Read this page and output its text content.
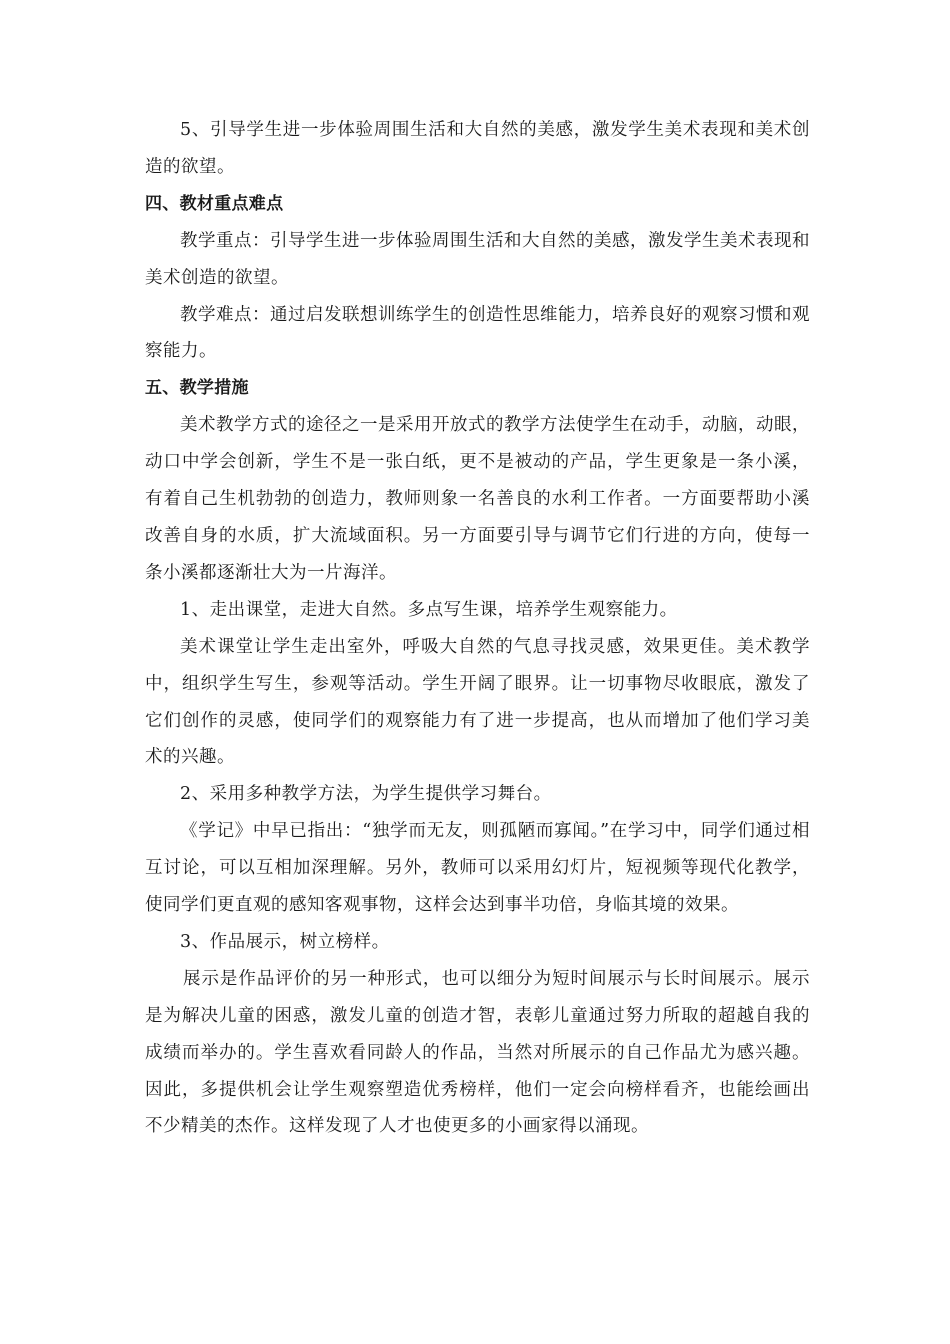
5、引导学生进一步体验周围生活和大自然的美感，激发学生美术表现和美术创造的欲望。

四、教材重点难点

教学重点：引导学生进一步体验周围生活和大自然的美感，激发学生美术表现和美术创造的欲望。

教学难点：通过启发联想训练学生的创造性思维能力，培养良好的观察习惯和观察能力。

五、教学措施

美术教学方式的途径之一是采用开放式的教学方法使学生在动手，动脑，动眼，动口中学会创新，学生不是一张白纸，更不是被动的产品，学生更象是一条小溪，有着自己生机勃勃的创造力，教师则象一名善良的水利工作者。一方面要帮助小溪改善自身的水质，扩大流域面积。另一方面要引导与调节它们行进的方向，使每一条小溪都逐渐壮大为一片海洋。

1、走出课堂，走进大自然。多点写生课，培养学生观察能力。

美术课堂让学生走出室外，呼吸大自然的气息寻找灵感，效果更佳。美术教学中，组织学生写生，参观等活动。学生开阔了眼界。让一切事物尽收眼底，激发了它们创作的灵感，使同学们的观察能力有了进一步提高，也从而增加了他们学习美术的兴趣。

2、采用多种教学方法，为学生提供学习舞台。

《学记》中早已指出：“独学而无友，则孤陋而寡闻。”在学习中，同学们通过相互讨论，可以互相加深理解。另外，教师可以采用幻灯片，短视频等现代化教学，使同学们更直观的感知客观事物，这样会达到事半功倍，身临其境的效果。

3、作品展示，树立榜样。

展示是作品评价的另一种形式，也可以细分为短时间展示与长时间展示。展示是为解决儿童的困惑，激发儿童的创造才智，表彰儿童通过努力所取的超越自我的成绩而举办的。学生喜欢看同龄人的作品，当然对所展示的自己作品尤为感兴趣。因此，多提供机会让学生观察塑造优秀榜样，他们一定会向榜样看齐，也能绘画出不少精美的杰作。这样发现了人才也使更多的小画家得以涌现。
